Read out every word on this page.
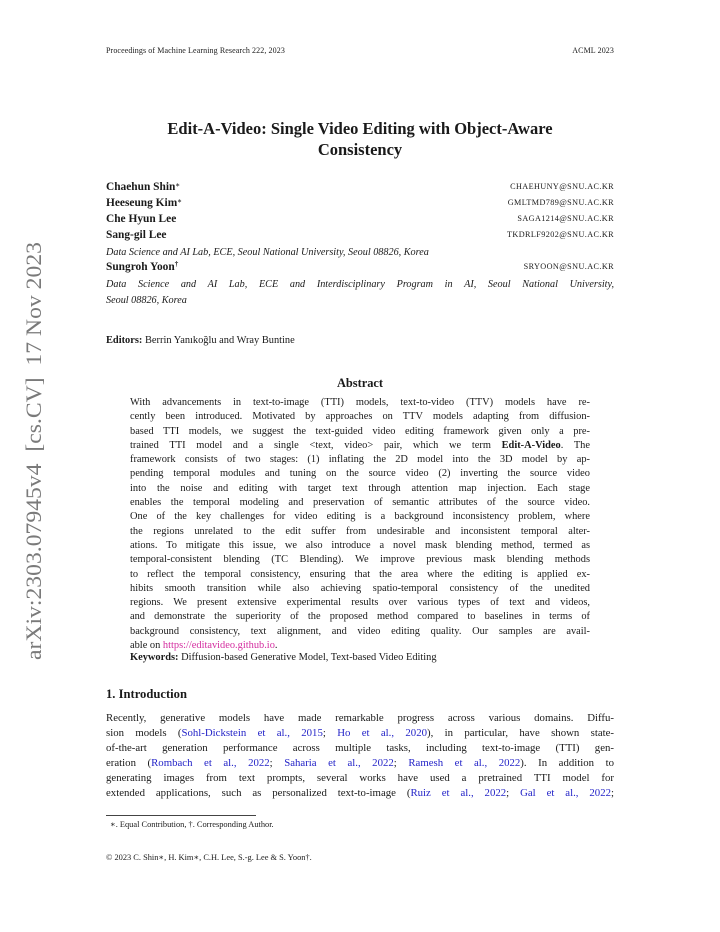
Proceedings of Machine Learning Research 222, 2023	ACML 2023
arXiv:2303.07945v4  [cs.CV]  17 Nov 2023
Edit-A-Video: Single Video Editing with Object-Aware
Consistency
Chaehun Shin∗	CHAEHUNY@SNU.AC.KR
Heeseung Kim∗	GMLTMD789@SNU.AC.KR
Che Hyun Lee	SAGA1214@SNU.AC.KR
Sang-gil Lee	TKDRLF9202@SNU.AC.KR
Data Science and AI Lab, ECE, Seoul National University, Seoul 08826, Korea
Sungroh Yoon†	SRYOON@SNU.AC.KR
Data Science and AI Lab, ECE and Interdisciplinary Program in AI, Seoul National University,
Seoul 08826, Korea
Editors: Berrin Yanıkoğlu and Wray Buntine
Abstract
With advancements in text-to-image (TTI) models, text-to-video (TTV) models have re-
cently been introduced. Motivated by approaches on TTV models adapting from diffusion-
based TTI models, we suggest the text-guided video editing framework given only a pre-
trained TTI model and a single <text, video> pair, which we term Edit-A-Video. The
framework consists of two stages: (1) inflating the 2D model into the 3D model by ap-
pending temporal modules and tuning on the source video (2) inverting the source video
into the noise and editing with target text through attention map injection. Each stage
enables the temporal modeling and preservation of semantic attributes of the source video.
One of the key challenges for video editing is a background inconsistency problem, where
the regions unrelated to the edit suffer from undesirable and inconsistent temporal alter-
ations. To mitigate this issue, we also introduce a novel mask blending method, termed as
temporal-consistent blending (TC Blending). We improve previous mask blending methods
to reflect the temporal consistency, ensuring that the area where the editing is applied ex-
hibits smooth transition while also achieving spatio-temporal consistency of the unedited
regions. We present extensive experimental results over various types of text and videos,
and demonstrate the superiority of the proposed method compared to baselines in terms of
background consistency, text alignment, and video editing quality. Our samples are avail-
able on https://editavideo.github.io.
Keywords: Diffusion-based Generative Model, Text-based Video Editing
1. Introduction
Recently, generative models have made remarkable progress across various domains. Diffu-
sion models (Sohl-Dickstein et al., 2015; Ho et al., 2020), in particular, have shown state-
of-the-art generation performance across multiple tasks, including text-to-image (TTI) gen-
eration (Rombach et al., 2022; Saharia et al., 2022; Ramesh et al., 2022). In addition to
generating images from text prompts, several works have used a pretrained TTI model for
extended applications, such as personalized text-to-image (Ruiz et al., 2022; Gal et al., 2022;
∗. Equal Contribution, †. Corresponding Author.
© 2023 C. Shin∗, H. Kim∗, C.H. Lee, S.-g. Lee & S. Yoon†.
